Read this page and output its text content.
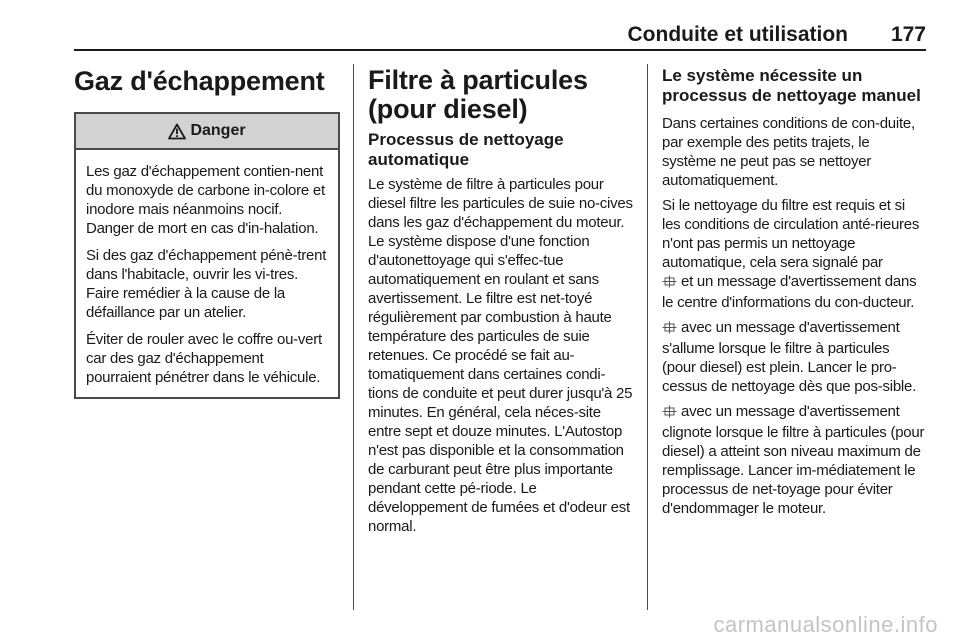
Conduite et utilisation	177
Gaz d'échappement
Danger

Les gaz d'échappement contien-nent du monoxyde de carbone in-colore et inodore mais néanmoins nocif. Danger de mort en cas d'in-halation.

Si des gaz d'échappement pénè-trent dans l'habitacle, ouvrir les vi-tres. Faire remédier à la cause de la défaillance par un atelier.

Éviter de rouler avec le coffre ou-vert car des gaz d'échappement pourraient pénétrer dans le véhicule.

Filtre à particules (pour diesel)
Processus de nettoyage automatique

Le système de filtre à particules pour diesel filtre les particules de suie no-cives dans les gaz d'échappement du moteur. Le système dispose d'une fonction d'autonettoyage qui s'effec-tue automatiquement en roulant et sans avertissement. Le filtre est net-toyé régulièrement par combustion à haute température des particules de suie retenues. Ce procédé se fait au-tomatiquement dans certaines condi-tions de conduite et peut durer jusqu'à 25 minutes. En général, cela néces-site entre sept et douze minutes. L'Autostop n'est pas disponible et la consommation de carburant peut être plus importante pendant cette pé-riode. Le développement de fumées et d'odeur est normal.

Le système nécessite un processus de nettoyage manuel

Dans certaines conditions de con-duite, par exemple des petits trajets, le système ne peut pas se nettoyer automatiquement.

Si le nettoyage du filtre est requis et si les conditions de circulation anté-rieures n'ont pas permis un nettoyage automatique, cela sera signalé par
et un message d'avertissement dans le centre d'informations du con-ducteur.

avec un message d'avertissement s'allume lorsque le filtre à particules (pour diesel) est plein. Lancer le pro-cessus de nettoyage dès que pos-sible.

avec un message d'avertissement clignote lorsque le filtre à particules (pour diesel) a atteint son niveau maximum de remplissage. Lancer im-médiatement le processus de net-toyage pour éviter d'endommager le moteur.

carmanualsonline.info
